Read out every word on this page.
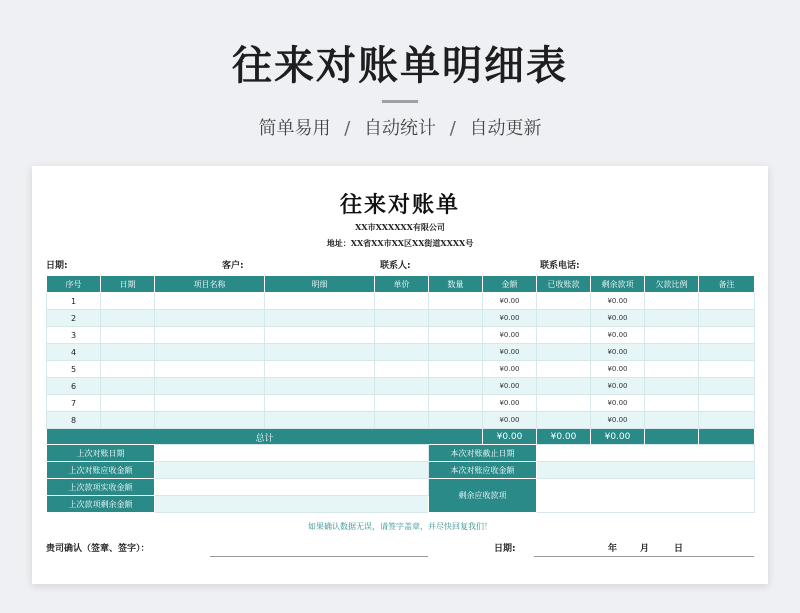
往来对账单明细表
简单易用 / 自动统计 / 自动更新
往来对账单
XX市XXXXXX有限公司
地址：XX省XX市XX区XX街道XXXX号
日期:	客户:	联系人:	联系电话:
序号	日期	项目名称	明细	单价	数量	金额	已收账款	剩余款项	欠款比例	备注
1						¥0.00		¥0.00		
2						¥0.00		¥0.00		
3						¥0.00		¥0.00		
4						¥0.00		¥0.00		
5						¥0.00		¥0.00		
6						¥0.00		¥0.00		
7						¥0.00		¥0.00		
8						¥0.00		¥0.00		
总计						¥0.00	¥0.00	¥0.00		
上次对账日期		本次对账截止日期	
上次对账应收金额		本次对账应收金额	
上次款项实收金额		剩余应收款项	
上次款项剩余金额			
如果确认数据无误，请签字盖章，并尽快回复我们！
贵司确认（签章、签字）：	日期:	年	月	日
